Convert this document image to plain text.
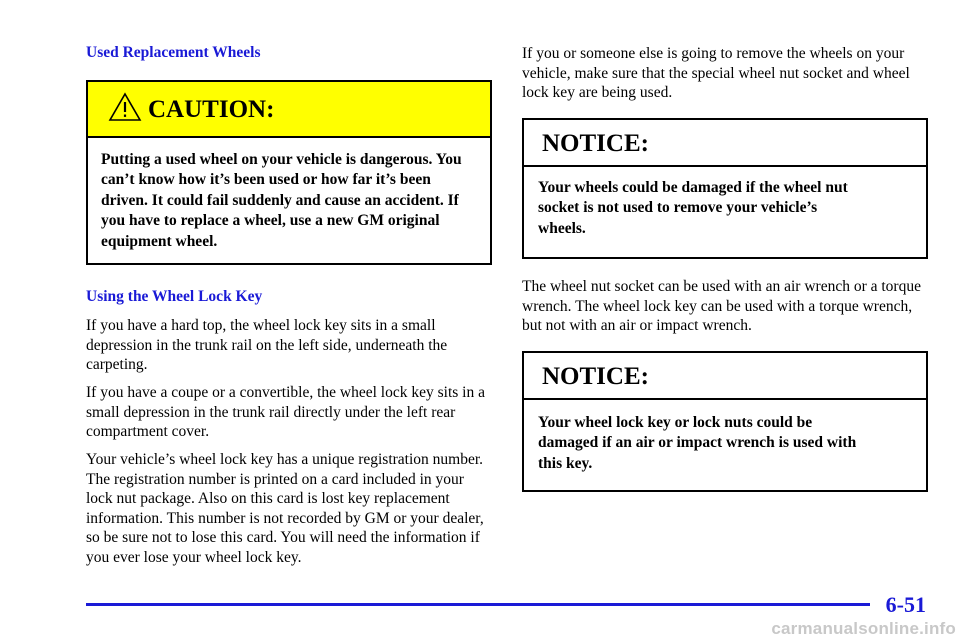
Used Replacement Wheels
CAUTION:
Putting a used wheel on your vehicle is dangerous. You can’t know how it’s been used or how far it’s been driven. It could fail suddenly and cause an accident. If you have to replace a wheel, use a new GM original equipment wheel.
Using the Wheel Lock Key

If you have a hard top, the wheel lock key sits in a small depression in the trunk rail on the left side, underneath the carpeting.

If you have a coupe or a convertible, the wheel lock key sits in a small depression in the trunk rail directly under the left rear compartment cover.

Your vehicle’s wheel lock key has a unique registration number. The registration number is printed on a card included in your lock nut package. Also on this card is lost key replacement information. This number is not recorded by GM or your dealer, so be sure not to lose this card. You will need the information if you ever lose your wheel lock key.

If you or someone else is going to remove the wheels on your vehicle, make sure that the special wheel nut socket and wheel lock key are being used.

NOTICE:
Your wheels could be damaged if the wheel nut socket is not used to remove your vehicle’s wheels.

The wheel nut socket can be used with an air wrench or a torque wrench. The wheel lock key can be used with a torque wrench, but not with an air or impact wrench.

NOTICE:
Your wheel lock key or lock nuts could be damaged if an air or impact wrench is used with this key.
6-51
carmanualsonline.info
